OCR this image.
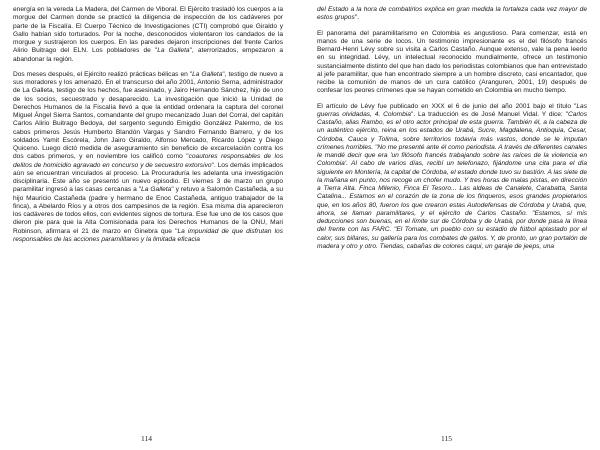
energía en la vereda La Madera, del Carmen de Viboral. El Ejército trasladó los cuerpos a la morgue del Carmen donde se practicó la diligencia de inspección de los cadáveres por parte de la Fiscalía. El Cuerpo Técnico de Investigaciones (CTI) comprobó que Giraldo y Gallo habían sido torturados. Por la noche, desconocidos violentaron los candados de la morgue y sustrajeron los cuerpos. En las paredes dejaron inscripciones del frente Carlos Alirio Buitrago del ELN. Los pobladores de "La Galleta", aterrorizados, empezaron a abandonar la región.

Dos meses después, el Ejército realizó prácticas bélicas en "La Galleta", testigo de nuevo a sus moradores y los amenazó. En el transcurso del año 2001, Antonio Serna, administrador de La Galleta, testigo de los hechos, fue asesinado, y Jairo Hernando Sánchez, hijo de uno de los socios, secuestrado y desaparecido. La investigación que inició la Unidad de Derechos Humanos de la Fiscalía llevó a que la entidad ordenara la captura del coronel Miguel Ángel Sierra Santos, comandante del grupo mecanizado Juan del Corral, del capitán Carlos Alirio Buitrago Bedoya, del sargento segundo Emigdio González Palermo, de los cabos primeros Jesús Humberto Blandón Vargas y Sandro Fernando Barrero, y de los soldados Yamit Escórela, John Jairo Giraldo, Alfonso Mercado, Ricardo López y Diego Quiceno. Luego dictó medida de aseguramiento sin beneficio de excarcelación contra los dos cabos primeros, y en noviembre los calificó como "coautores responsables de los delitos de homicidio agravado en concurso y de secuestro extorsivo". Los demás implicados aún se encuentran vinculados al proceso. La Procuraduría les adelanta una investigación disciplinaria. Este año se presentó un nuevo episodio. El viernes 3 de marzo un grupo paramilitar ingresó a las casas cercanas a "La Galleta" y retuvo a Salomón Castañeda, a su hijo Mauricio Castañeda (padre y hermano de Enoc Castañeda, antiguo trabajador de la finca), a Abelardo Ríos y a otros dos campesinos de la región. Esa misma día aparecieron los cadáveres de todos ellos, con evidentes signos de tortura. Ese fue uno de los casos que dieron pie para que la Alta Comisionada para los Derechos Humanos de la ONU, Mari Robinson, afirmara el 21 de marzo en Ginebra que "La impunidad de que disfrutan los responsables de las acciones paramilitares y la limitada eficacia

114

del Estado a la hora de combatirlos explica en gran medida la fortaleza cada vez mayor de estos grupos".

El panorama del paramilitarismo en Colombia es angustioso. Para comenzar, está en manos de una serie de locos. Un testimonio impresionante es el del filósofo francés Bernard-Henri Lévy sobre su visita a Carlos Castaño. Aunque extenso, vale la pena leerlo en su integridad. Lévy, un intelectual reconocido mundialmente, ofrece un testimonio sustancialmente distinto del que han dado los periodistas colombianos que han entrevistado al jefe paramilitar, que han encontrado siempre a un hombre discreto, casi encantador, que recibe la comunión de manos de un cura católico (Aranguren, 2001, 19) después de confesar los peores crímenes que se hayan cometido en Colombia en mucho tiempo.

El artículo de Lévy fue publicado en XXX el 6 de junio del año 2001 bajo el título "Las guerras olvidadas, 4. Colombia". La traducción es de José Manuel Vidal. Y dice: "Carlos Castaño, alias Rambo, es el otro actor principal de esta guerra. También él, a la cabeza de un auténtico ejército, reina en los estados de Urabá, Sucre, Magdalena, Antioquia, Cesar, Córdoba, Cauca y Tolima, sobre territorios todavía más vastos, donde se le imputan crímenes horribles. "No me presenté ante él como periodista. A través de diferentes canales le mandé decir que era 'un filósofo francés trabajando sobre las raíces de la violencia en Colombia'. Al cabo de varios días, recibí un telefonazo, fijándome una cita para el día siguiente en Montería, la capital de Córdoba, el estado donde tuvo su bastión. A las siete de la mañana en punto, nos recoge un chofer mudo. Y tres horas de malas pistas, en dirección a Tierra Alta. Finca Milenio, Finca El Tesoro... Las aldeas de Canalete, Carabatta, Santa Catalina... Estamos en el corazón de la zona de los finqueros, esos grandes propietarios que, en los años 80, fueron los que crearon estas Autodefensas de Córdoba y Urabá, que, ahora, se llaman paramilitares, y el ejército de Carlos Castaño. "Estamos, sí mis deducciones son buenas, en el límite sur de Córdoba y de Urabá, por donde pasa la línea del frente con las FARC. "El Tomate, un pueblo con su estadio de fútbol aplastado por el calor, sus billares, su gallería para los combates de gallos. Y, de pronto, un gran portalón de madera y otro y otro. Tiendas, cabañas de colores caqui, un garaje de jeeps, una

115
